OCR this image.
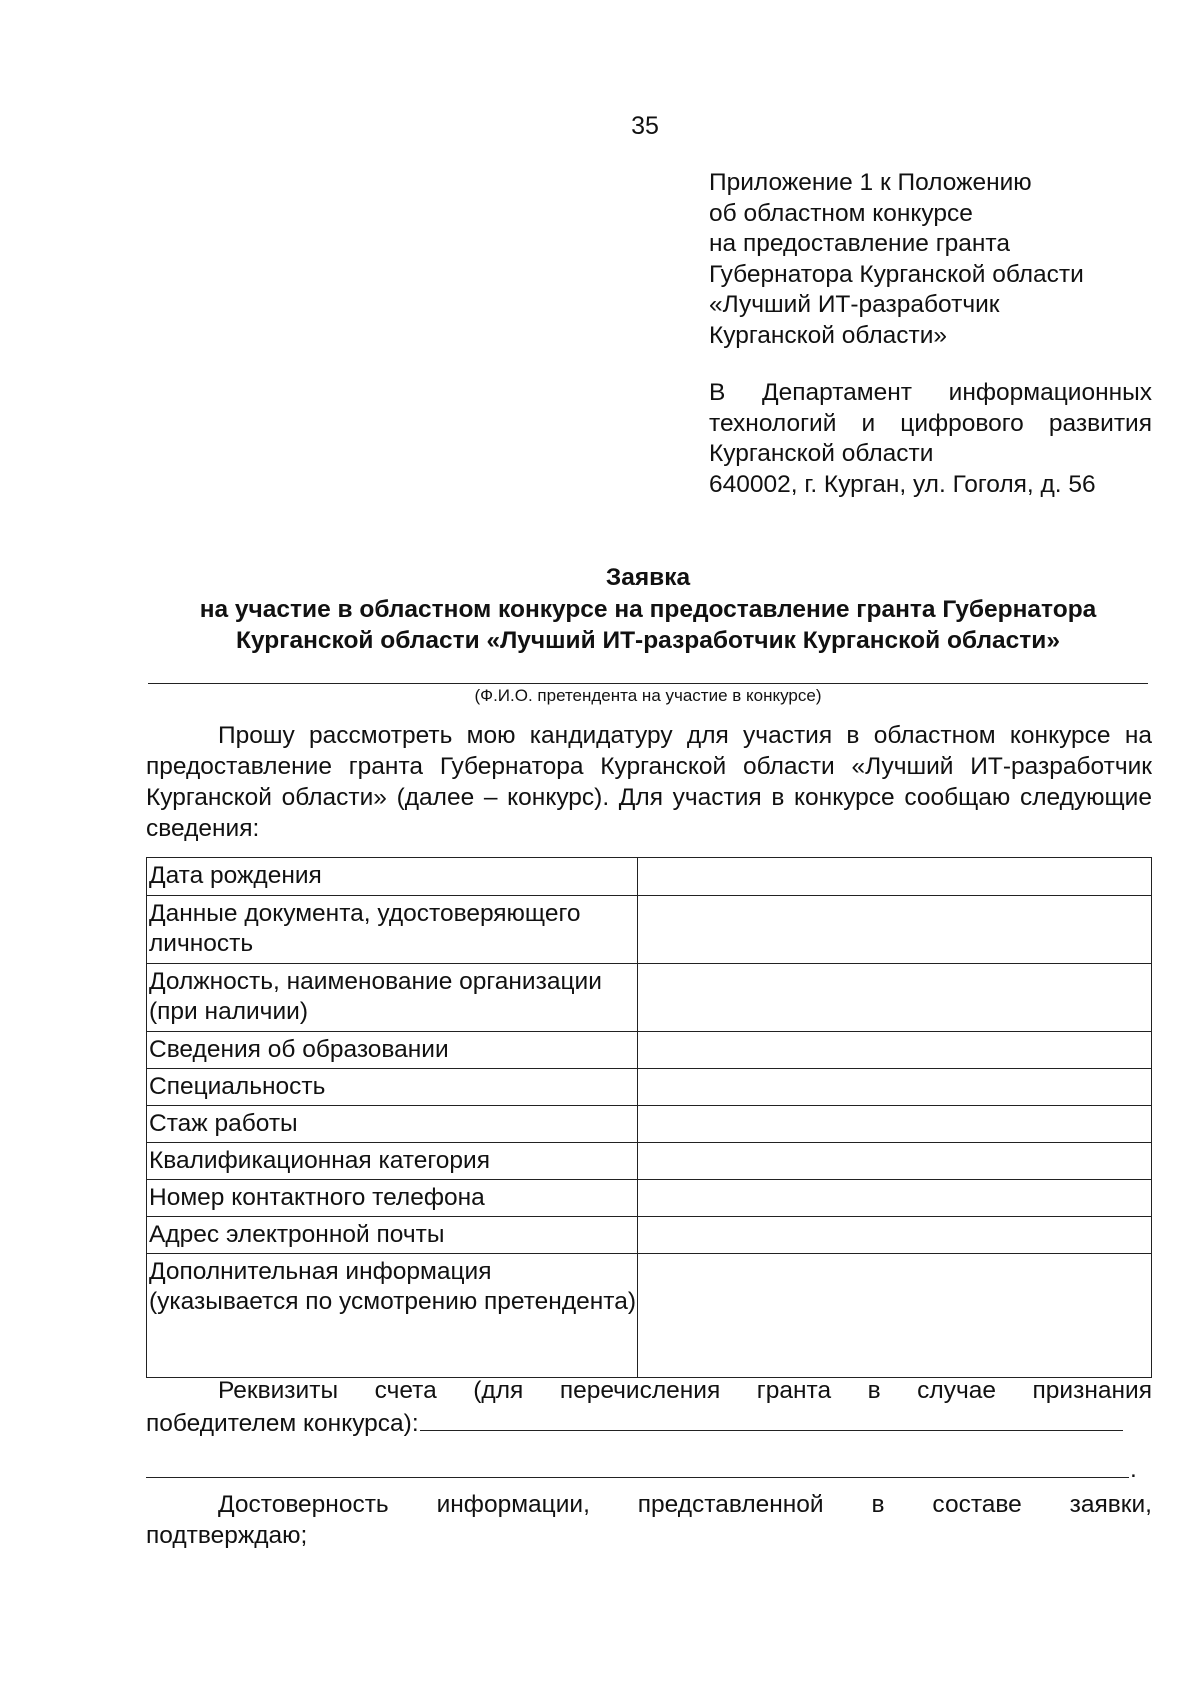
35
Приложение 1 к Положению
об областном конкурсе
на предоставление гранта
Губернатора Курганской области
«Лучший ИТ-разработчик
Курганской области»
В Департамент информационных
технологий и цифрового развития
Курганской области
640002, г. Курган, ул. Гоголя, д. 56
Заявка
на участие в областном конкурсе на предоставление гранта Губернатора
Курганской области «Лучший ИТ-разработчик Курганской области»
(Ф.И.О. претендента на участие в конкурсе)
Прошу рассмотреть мою кандидатуру для участия в областном конкурсе на предоставление гранта Губернатора Курганской области «Лучший ИТ-разработчик Курганской области» (далее – конкурс). Для участия в конкурсе сообщаю следующие сведения:
Дата рождения	
Данные документа, удостоверяющего личность	
Должность, наименование организации (при наличии)	
Сведения об образовании	
Специальность	
Стаж работы	
Квалификационная категория	
Номер контактного телефона	
Адрес электронной почты	
Дополнительная информация (указывается по усмотрению претендента)	
Реквизиты счета (для перечисления гранта в случае признания
победителем конкурса):
.
Достоверность информации, представленной в составе заявки,
подтверждаю;
